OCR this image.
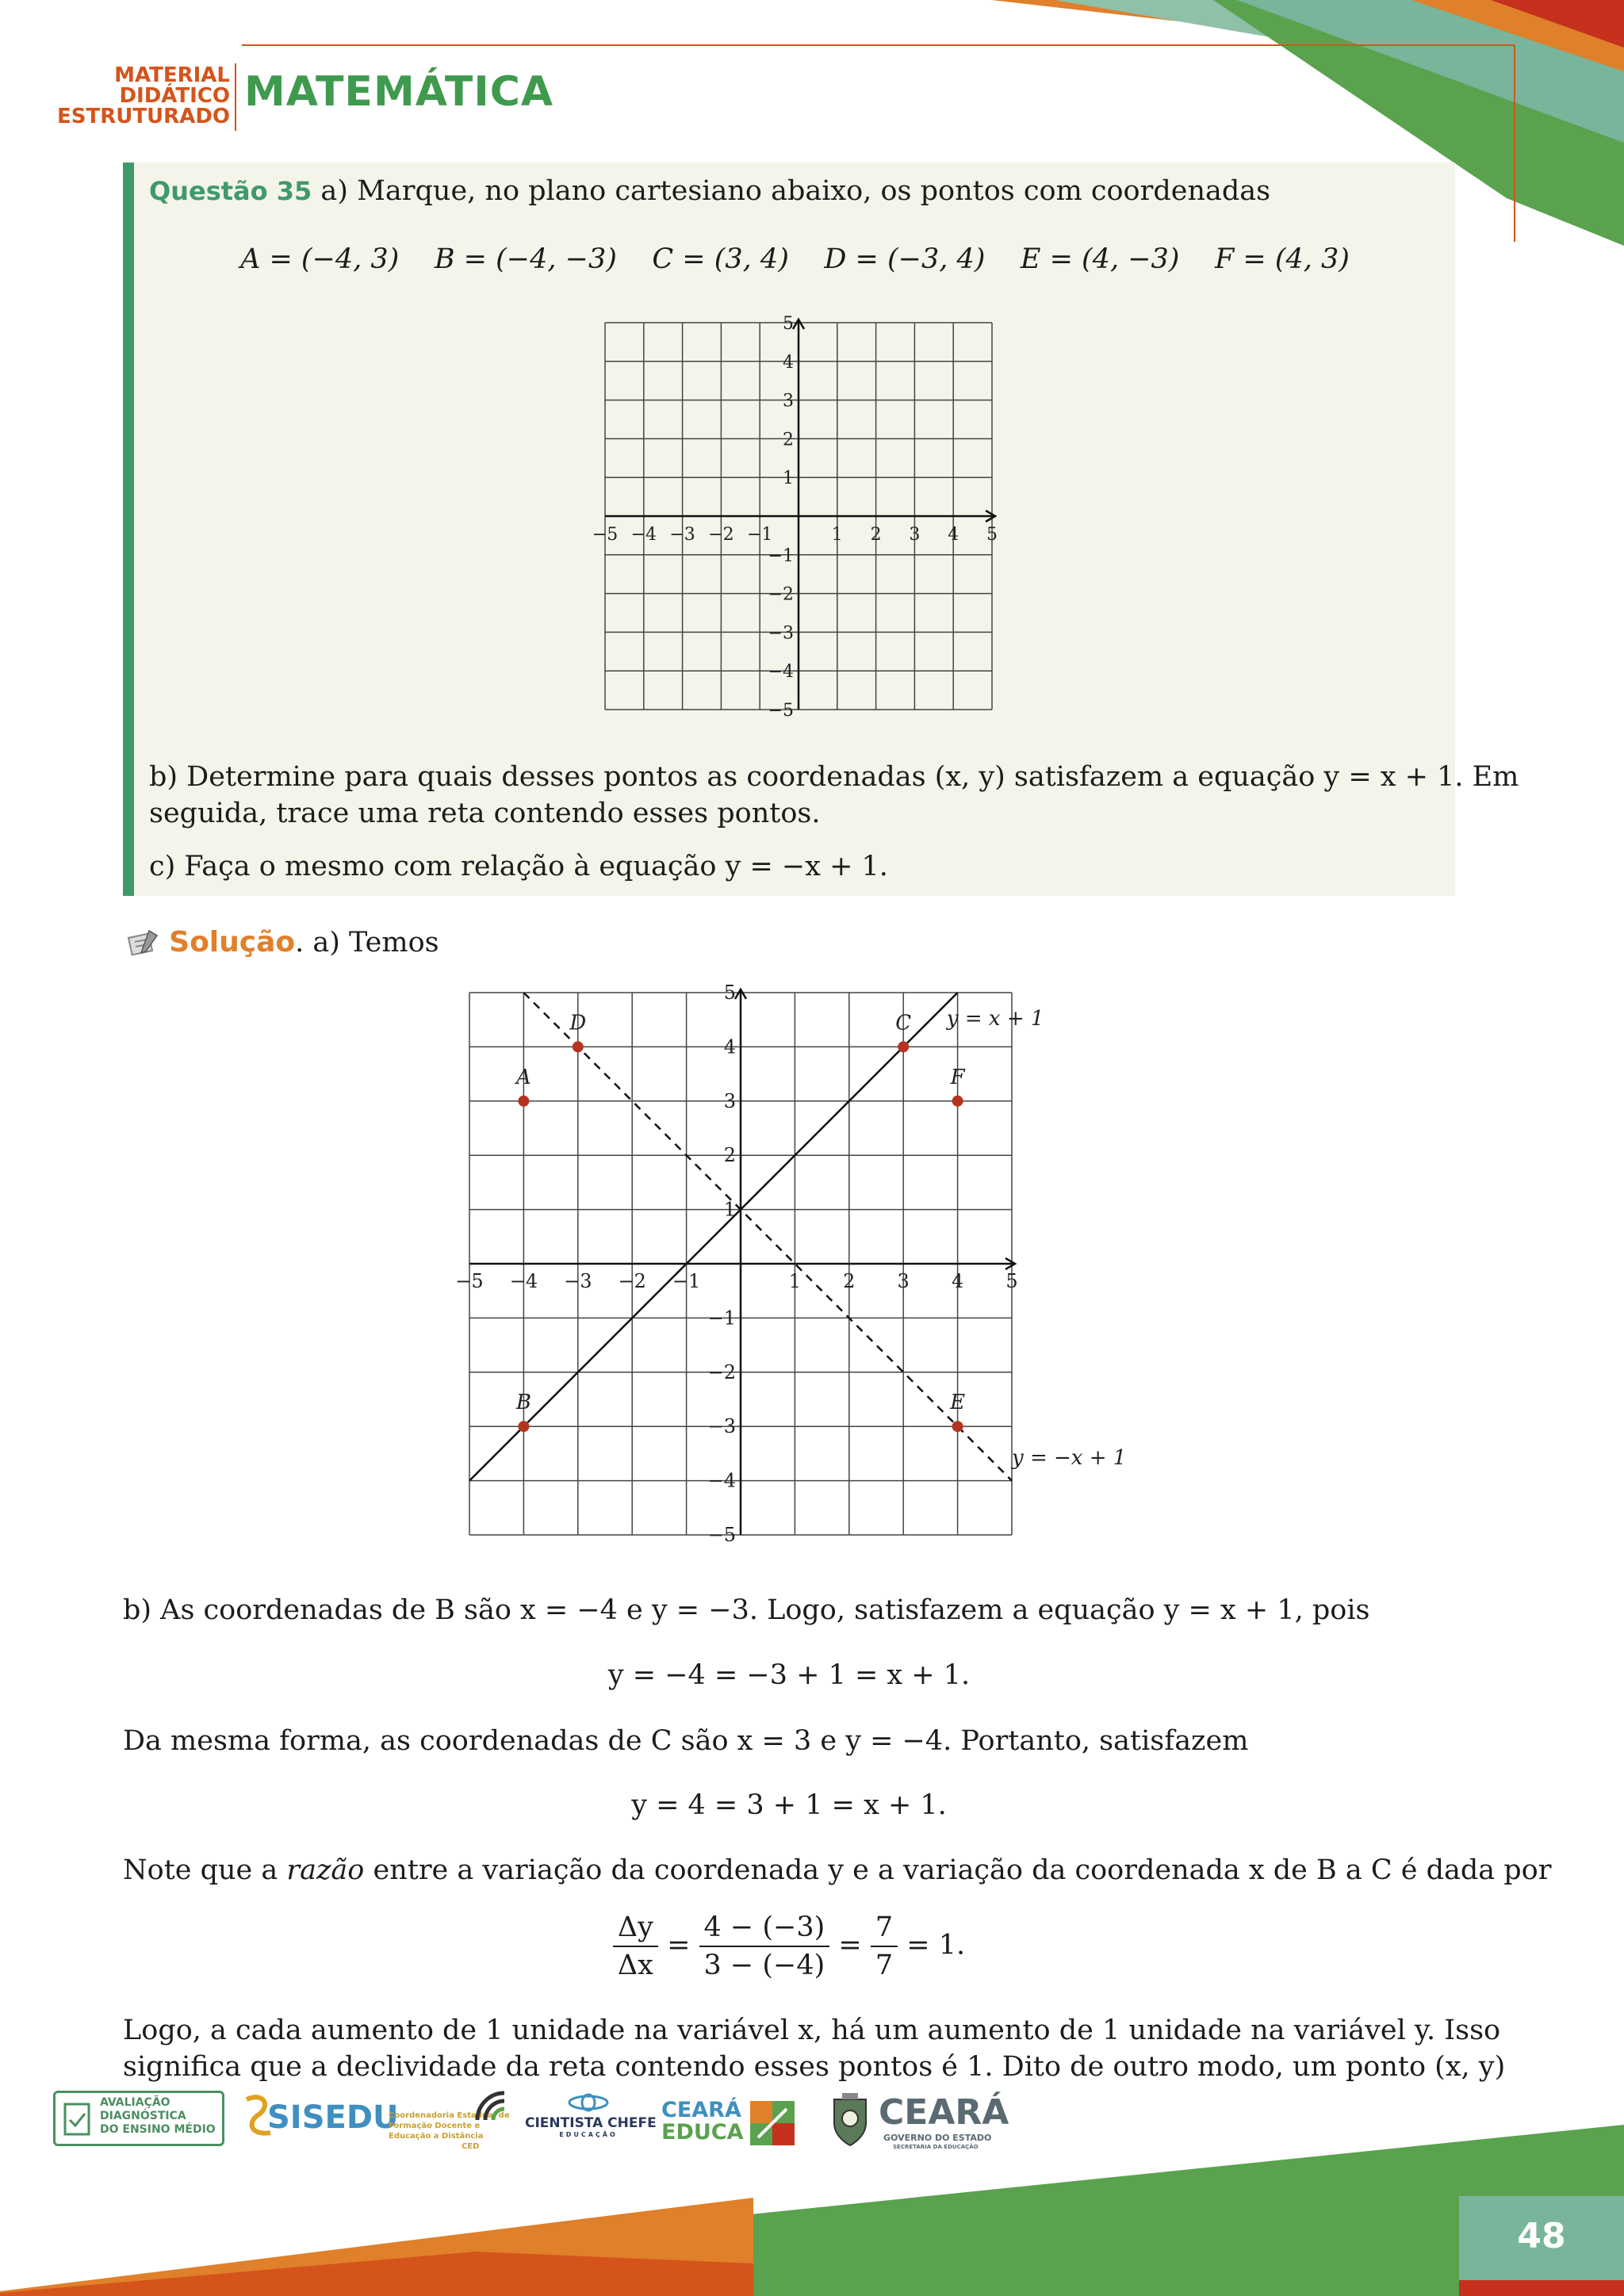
MATERIAL
DIDÁTICO
ESTRUTURADO
MATEMÁTICA
Questão 35 a) Marque, no plano cartesiano abaixo, os pontos com coordenadas
A = (−4, 3)    B = (−4, −3)    C = (3, 4)    D = (−3, 4)    E = (4, −3)    F = (4, 3)
−5 −4 −3 −2 −1	1 2 3 4 5
5
4
3
2
1
−1
−2
−3
−4
−5
b) Determine para quais desses pontos as coordenadas (x, y) satisfazem a equação y = x + 1. Em
seguida, trace uma reta contendo esses pontos.
c) Faça o mesmo com relação à equação y = −x + 1.
Solução. a) Temos
−5 −4 −3 −2 −1	1 2 3 4 5
5
4
3
2
1
−1
−2
−3
−4
−5
y = x + 1
y = −x + 1
A
B
C
D
E
F
b) As coordenadas de B são x = −4 e y = −3. Logo, satisfazem a equação y = x + 1, pois
y = −4 = −3 + 1 = x + 1.
Da mesma forma, as coordenadas de C são x = 3 e y = −4. Portanto, satisfazem
y = 4 = 3 + 1 = x + 1.
Note que a razão entre a variação da coordenada y e a variação da coordenada x de B a C é dada por
$\frac{\Delta y}{\Delta x} = \frac{4 - (-3)}{3 - (-4)} = \frac{7}{7} = 1$.
Logo, a cada aumento de 1 unidade na variável x, há um aumento de 1 unidade na variável y. Isso
significa que a declividade da reta contendo esses pontos é 1. Dito de outro modo, um ponto (x, y)
48
AVALIAÇÃO
DIAGNÓSTICA
DO ENSINO MÉDIO SISEDU
Coordenadoria Estadual de
Formação Docente e
Educação a Distância
CED
CIENTISTA CHEFE
EDUCAÇÃO
CEARÁ
EDUCA	CEARÁ
GOVERNO DO ESTADO
SECRETARIA DA EDUCAÇÃO
